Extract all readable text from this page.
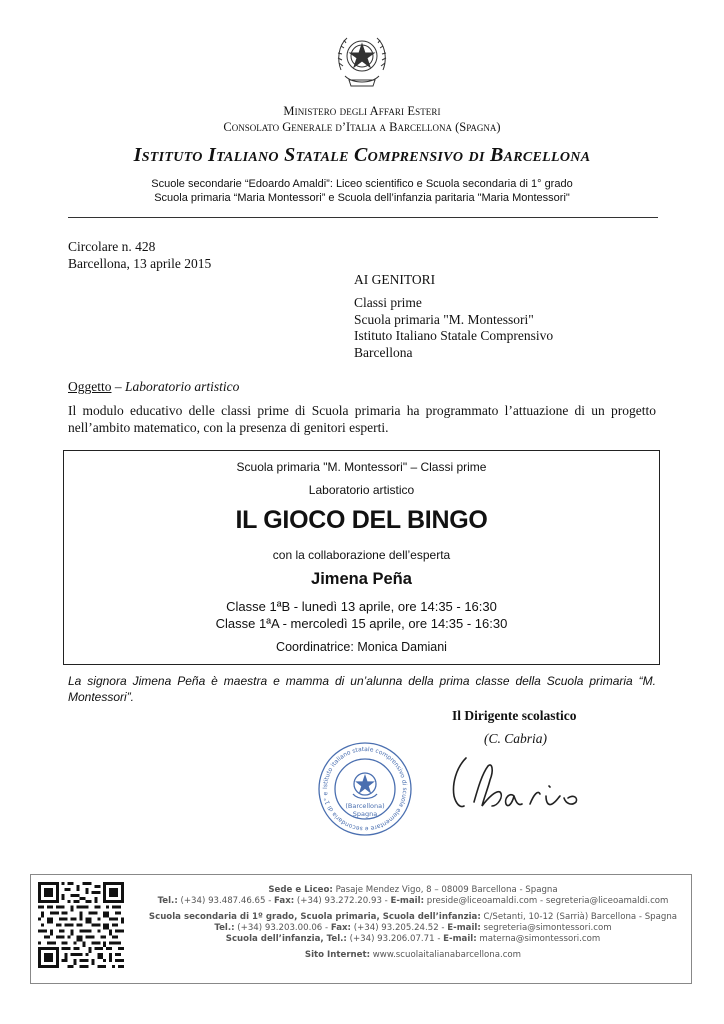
Ministero degli Affari Esteri
Consolato Generale d’Italia a Barcellona (Spagna)
Istituto Italiano Statale Comprensivo di Barcellona
Scuole secondarie “Edoardo Amaldi”: Liceo scientifico e Scuola secondaria di 1° grado
Scuola primaria “Maria Montessori” e Scuola dell’infanzia paritaria "Maria Montessori"
Circolare n. 428
Barcellona, 13 aprile 2015
AI GENITORI
Classi prime
Scuola primaria "M. Montessori"
Istituto Italiano Statale Comprensivo
Barcellona
Oggetto – Laboratorio artistico
Il modulo educativo delle classi prime di Scuola primaria ha programmato l’attuazione di un progetto nell’ambito matematico, con la presenza di genitori esperti.
Scuola primaria "M. Montessori" – Classi prime
Laboratorio artistico
IL GIOCO DEL BINGO
con la collaborazione dell’esperta
Jimena Peña
Classe 1ªB - lunedì 13 aprile, ore 14:35 - 16:30
Classe 1ªA - mercoledì 15 aprile, ore 14:35 - 16:30
Coordinatrice: Monica Damiani
La signora Jimena Peña è maestra e mamma di un’alunna della prima classe della Scuola primaria “M. Montessori”.
Il Dirigente scolastico
(C. Cabria)
Istituto italiano statale comprensivo di scuola elementare e secondaria di 1° e
(Barcellona)
Spagna
Sede e Liceo: Pasaje Mendez Vigo, 8 – 08009 Barcellona - Spagna
Tel.: (+34) 93.487.46.65 - Fax: (+34) 93.272.20.93 - E-mail: preside@liceoamaldi.com - segreteria@liceoamaldi.com
Scuola secondaria di 1º grado, Scuola primaria, Scuola dell’infanzia: C/Setanti, 10-12 (Sarrià) Barcellona - Spagna
Tel.: (+34) 93.203.00.06 - Fax: (+34) 93.205.24.52 - E-mail: segreteria@simontessori.com
Scuola dell’infanzia, Tel.: (+34) 93.206.07.71 - E-mail: materna@simontessori.com
Sito Internet: www.scuolaitalianabarcellona.com
